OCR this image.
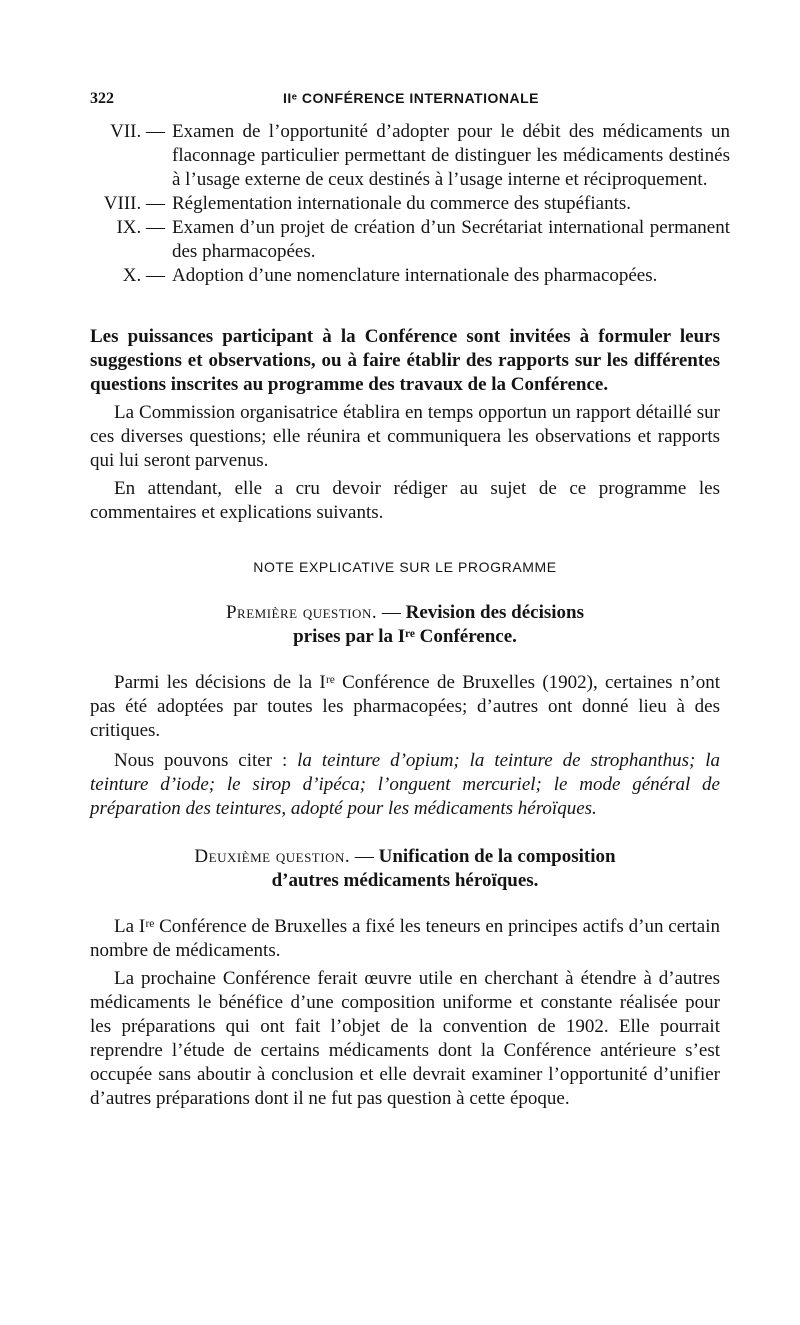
322	IIᵉ CONFÉRENCE INTERNATIONALE
VII. — Examen de l’opportunité d’adopter pour le débit des médicaments un flaconnage particulier permettant de distinguer les médicaments destinés à l’usage externe de ceux destinés à l’usage interne et réciproquement.
VIII. — Réglementation internationale du commerce des stupéfiants.
IX. — Examen d’un projet de création d’un Secrétariat international permanent des pharmacopées.
X. — Adoption d’une nomenclature internationale des pharmacopées.

Les puissances participant à la Conférence sont invitées à formuler leurs suggestions et observations, ou à faire établir des rapports sur les différentes questions inscrites au programme des travaux de la Conférence.

La Commission organisatrice établira en temps opportun un rapport détaillé sur ces diverses questions; elle réunira et communiquera les observations et rapports qui lui seront parvenus.

En attendant, elle a cru devoir rédiger au sujet de ce programme les commentaires et explications suivants.

NOTE EXPLICATIVE SUR LE PROGRAMME
Première question. — Revision des décisions
prises par la Iʳᵉ Conférence.

Parmi les décisions de la Iʳᵉ Conférence de Bruxelles (1902), certaines n’ont pas été adoptées par toutes les pharmacopées; d’autres ont donné lieu à des critiques.

Nous pouvons citer : la teinture d’opium; la teinture de strophanthus; la teinture d’iode; le sirop d’ipéca; l’onguent mercuriel; le mode général de préparation des teintures, adopté pour les médicaments héroïques.

Deuxième question. — Unification de la composition
d’autres médicaments héroïques.

La Iʳᵉ Conférence de Bruxelles a fixé les teneurs en principes actifs d’un certain nombre de médicaments.

La prochaine Conférence ferait œuvre utile en cherchant à étendre à d’autres médicaments le bénéfice d’une composition uniforme et constante réalisée pour les préparations qui ont fait l’objet de la convention de 1902. Elle pourrait reprendre l’étude de certains médicaments dont la Conférence antérieure s’est occupée sans aboutir à conclusion et elle devrait examiner l’opportunité d’unifier d’autres préparations dont il ne fut pas question à cette époque.
